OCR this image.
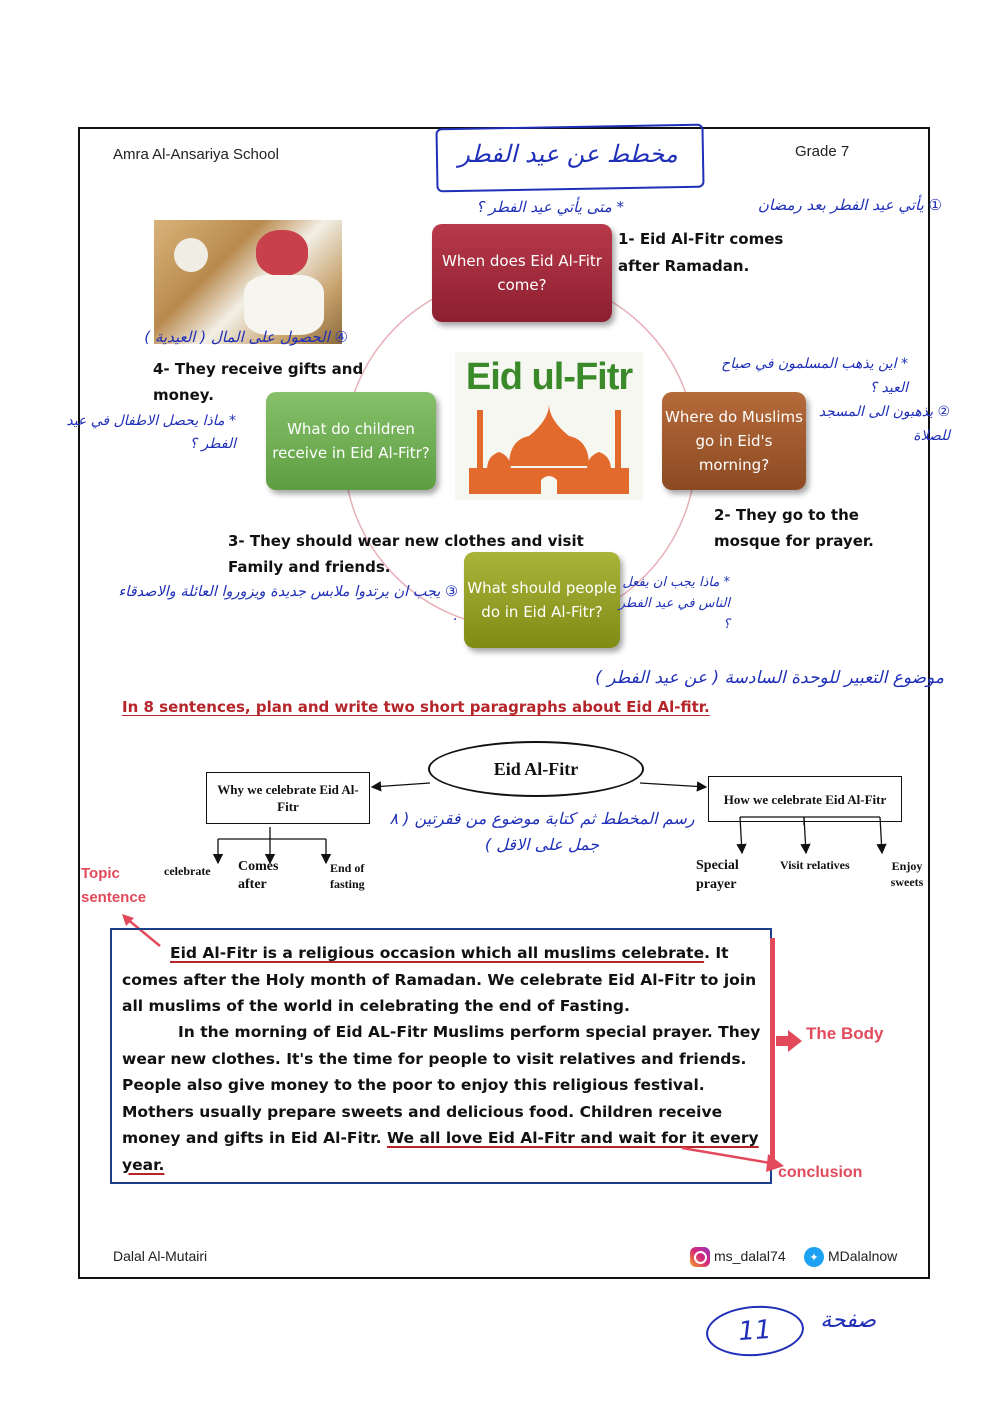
Amra Al-Ansariya School	Grade 7
مخطط عن عيد الفطر
Eid ul-Fitr
When does Eid Al-Fitr come?
Where do Muslims go in Eid's morning?
What should people do in Eid Al-Fitr?
What do children receive in Eid Al-Fitr?
1- Eid Al-Fitr comes after Ramadan.
2- They go to the mosque for prayer.
3- They should wear new clothes and visit Family and friends.
4- They receive gifts and money.
* متى يأتي عيد الفطر ؟	① يأتي عيد الفطر بعد رمضان
* اين يذهب المسلمون في صباح العيد ؟
② يذهبون الى المسجد للصلاة
* ماذا يجب ان يفعل الناس في عيد الفطر ؟
③ يجب ان يرتدوا ملابس جديدة ويزوروا العائلة والاصدقاء .
* ماذا يحصل الاطفال في عيد الفطر ؟
④ الحصول على المال ( العيدية )
موضوع التعبير للوحدة السادسة ( عن عيد الفطر )
In 8 sentences, plan and write two short paragraphs about Eid Al-fitr.
Eid Al-Fitr
Why we celebrate Eid Al-Fitr	How we celebrate Eid Al-Fitr
celebrate Comes after
End of fasting
Special prayer
Visit relatives	Enjoy sweets
رسم المخطط ثم كتابة موضوع من فقرتين ( ٨ جمل على الاقل )
Topic sentence
Eid Al-Fitr is a religious occasion which all muslims celebrate. It comes after the Holy month of Ramadan. We celebrate Eid Al-Fitr to join all muslims of the world in celebrating the end of Fasting.
In the morning of Eid AL-Fitr Muslims perform special prayer. They wear new clothes. It's the time for people to visit relatives and friends. People also give money to the poor to enjoy this religious festival. Mothers usually prepare sweets and delicious food. Children receive money and gifts in Eid Al-Fitr. We all love Eid Al-Fitr and wait for it every year.
The Body
conclusion
Dalal Al-Mutairi	ms_dalal74	✦ MDalalnow
11	صفحة
